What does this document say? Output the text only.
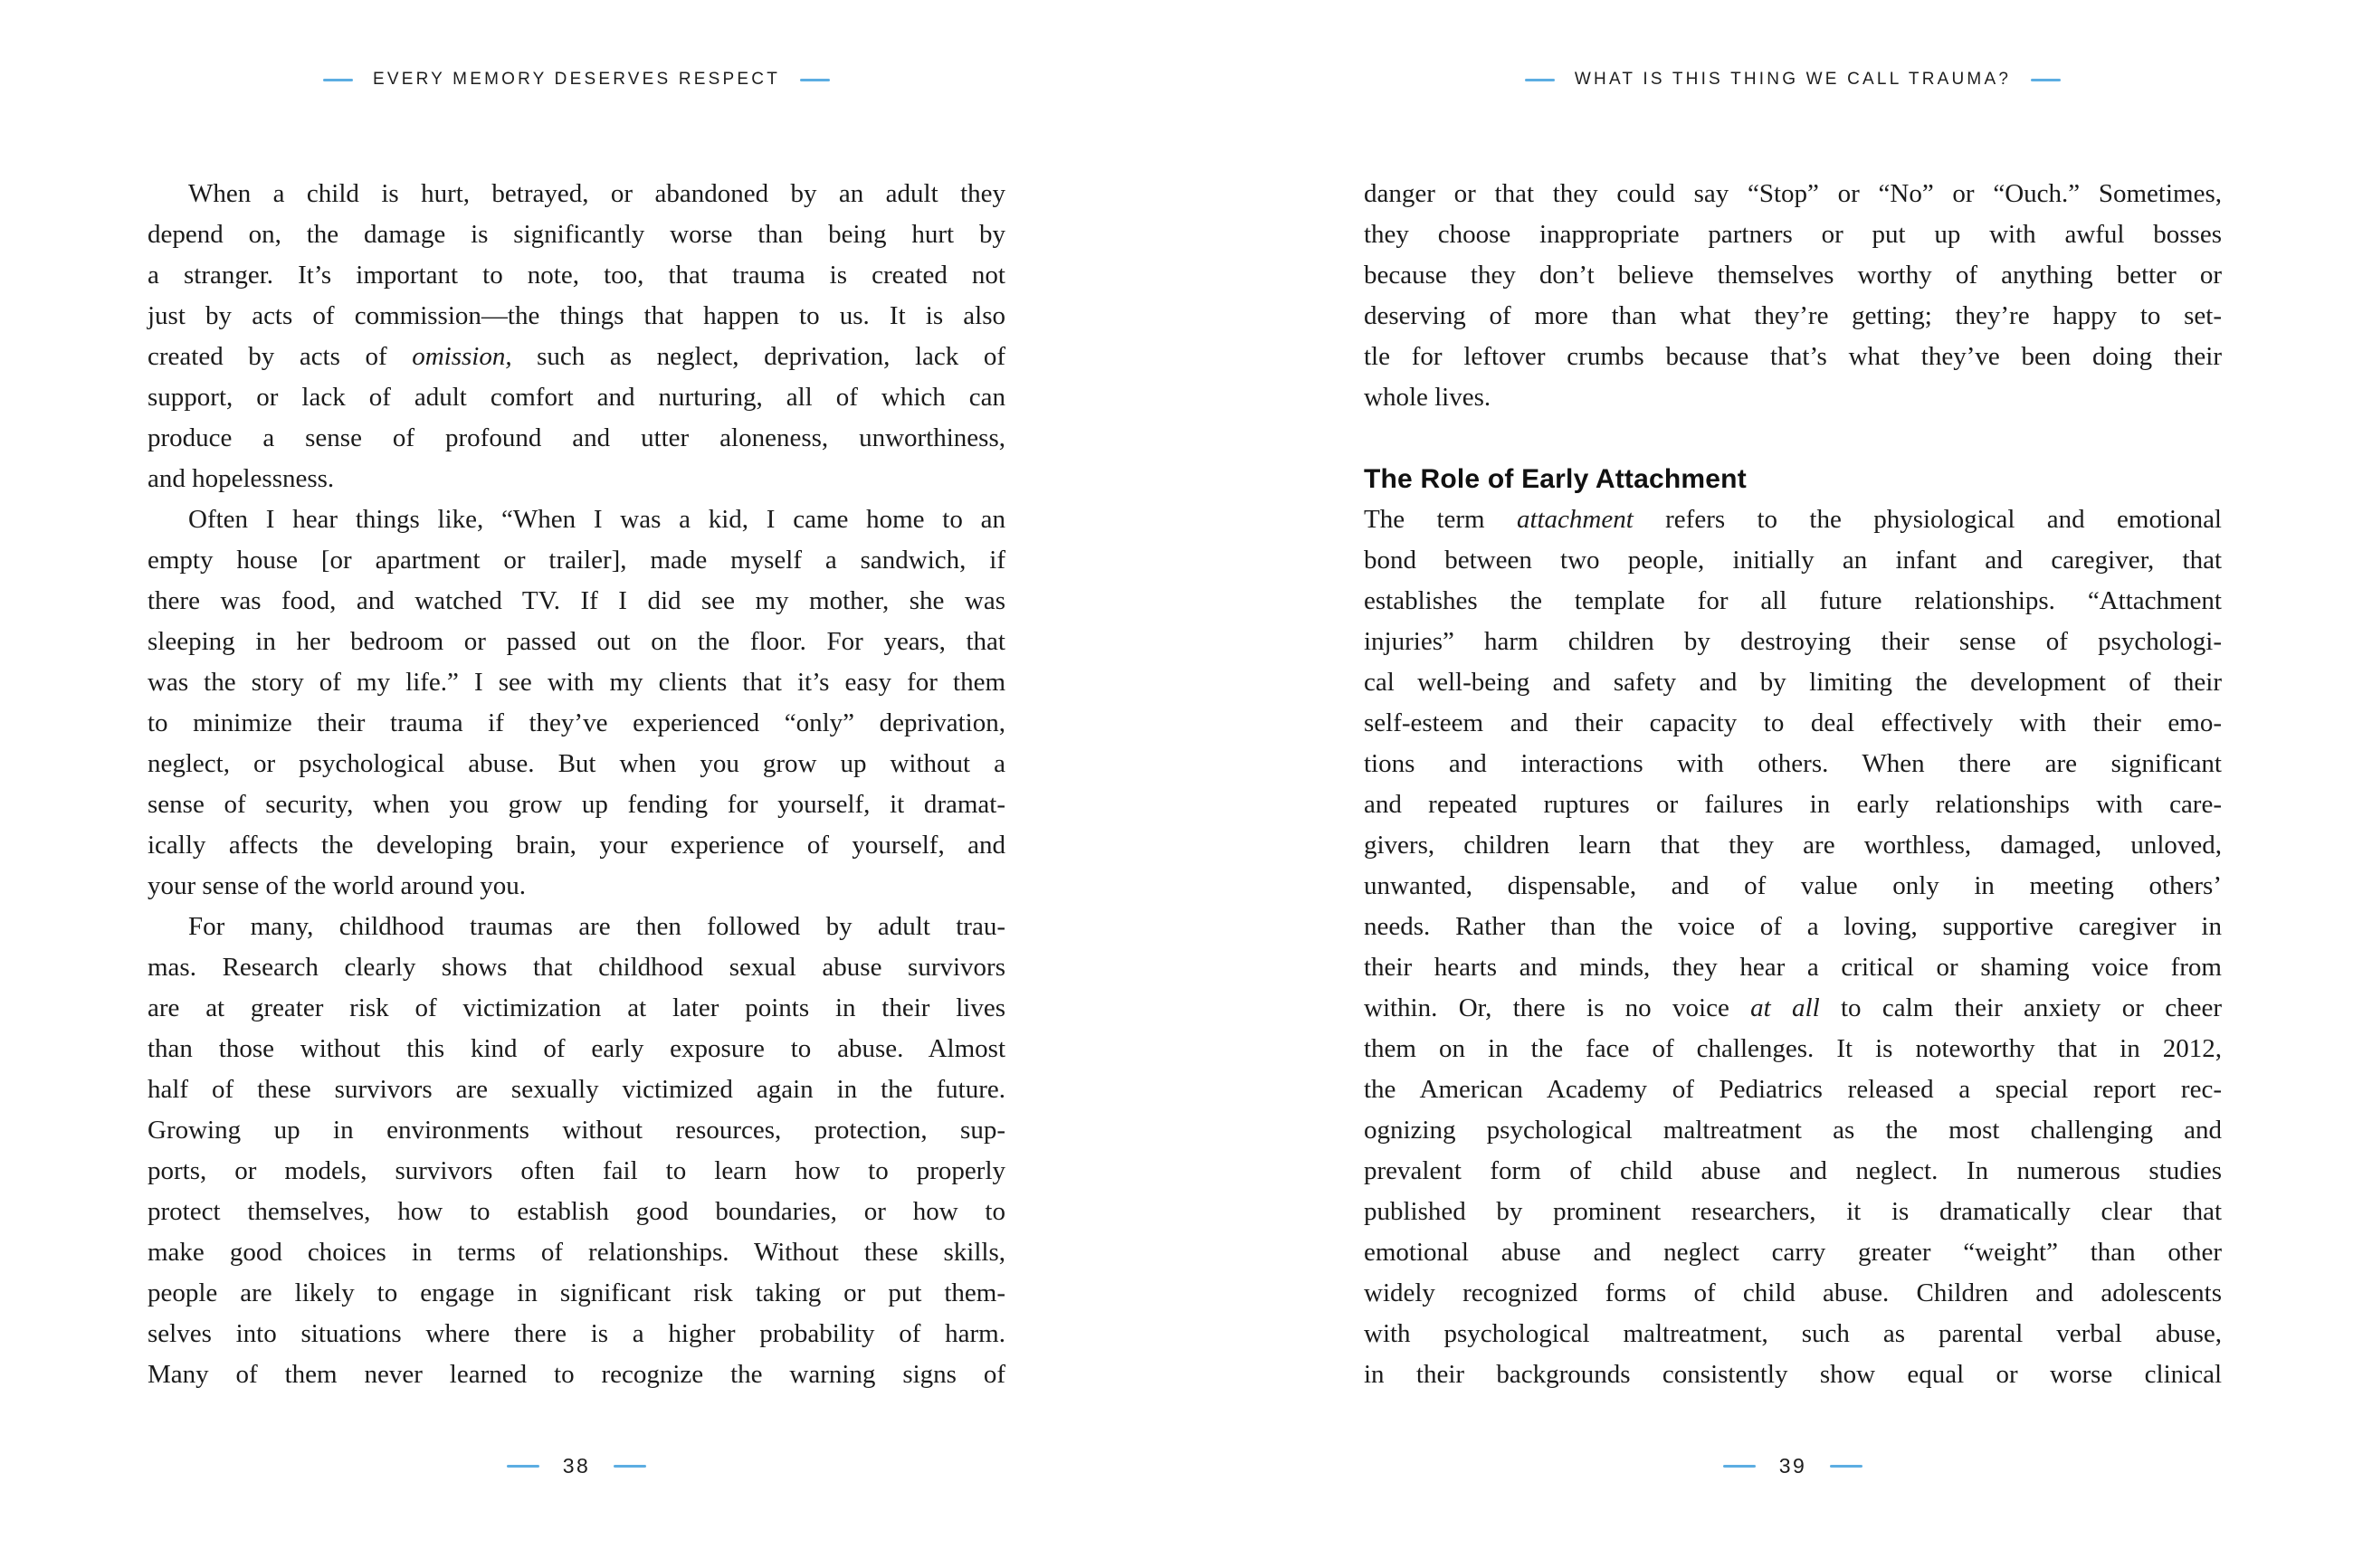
EVERY MEMORY DESERVES RESPECT	WHAT IS THIS THING WE CALL TRAUMA?
When a child is hurt, betrayed, or abandoned by an adult they
depend on, the damage is significantly worse than being hurt by
a stranger. It’s important to note, too, that trauma is created not
just by acts of commission—the things that happen to us. It is also
created by acts of omission, such as neglect, deprivation, lack of
support, or lack of adult comfort and nurturing, all of which can
produce a sense of profound and utter aloneness, unworthiness,
and hopelessness.
Often I hear things like, “When I was a kid, I came home to an
empty house [or apartment or trailer], made myself a sandwich, if
there was food, and watched TV. If I did see my mother, she was
sleeping in her bedroom or passed out on the floor. For years, that
was the story of my life.” I see with my clients that it’s easy for them
to minimize their trauma if they’ve experienced “only” deprivation,
neglect, or psychological abuse. But when you grow up without a
sense of security, when you grow up fending for yourself, it dramat-
ically affects the developing brain, your experience of yourself, and
your sense of the world around you.
For many, childhood traumas are then followed by adult trau-
mas. Research clearly shows that childhood sexual abuse survivors
are at greater risk of victimization at later points in their lives
than those without this kind of early exposure to abuse. Almost
half of these survivors are sexually victimized again in the future.
Growing up in environments without resources, protection, sup-
ports, or models, survivors often fail to learn how to properly
protect themselves, how to establish good boundaries, or how to
make good choices in terms of relationships. Without these skills,
people are likely to engage in significant risk taking or put them-
selves into situations where there is a higher probability of harm.
Many of them never learned to recognize the warning signs of
danger or that they could say “Stop” or “No” or “Ouch.” Sometimes,
they choose inappropriate partners or put up with awful bosses
because they don’t believe themselves worthy of anything better or
deserving of more than what they’re getting; they’re happy to set-
tle for leftover crumbs because that’s what they’ve been doing their
whole lives.
The Role of Early Attachment
The term attachment refers to the physiological and emotional
bond between two people, initially an infant and caregiver, that
establishes the template for all future relationships. “Attachment
injuries” harm children by destroying their sense of psychologi-
cal well-being and safety and by limiting the development of their
self-esteem and their capacity to deal effectively with their emo-
tions and interactions with others. When there are significant
and repeated ruptures or failures in early relationships with care-
givers, children learn that they are worthless, damaged, unloved,
unwanted, dispensable, and of value only in meeting others’
needs. Rather than the voice of a loving, supportive caregiver in
their hearts and minds, they hear a critical or shaming voice from
within. Or, there is no voice at all to calm their anxiety or cheer
them on in the face of challenges. It is noteworthy that in 2012,
the American Academy of Pediatrics released a special report rec-
ognizing psychological maltreatment as the most challenging and
prevalent form of child abuse and neglect. In numerous studies
published by prominent researchers, it is dramatically clear that
emotional abuse and neglect carry greater “weight” than other
widely recognized forms of child abuse. Children and adolescents
with psychological maltreatment, such as parental verbal abuse,
in their backgrounds consistently show equal or worse clinical
38	39
